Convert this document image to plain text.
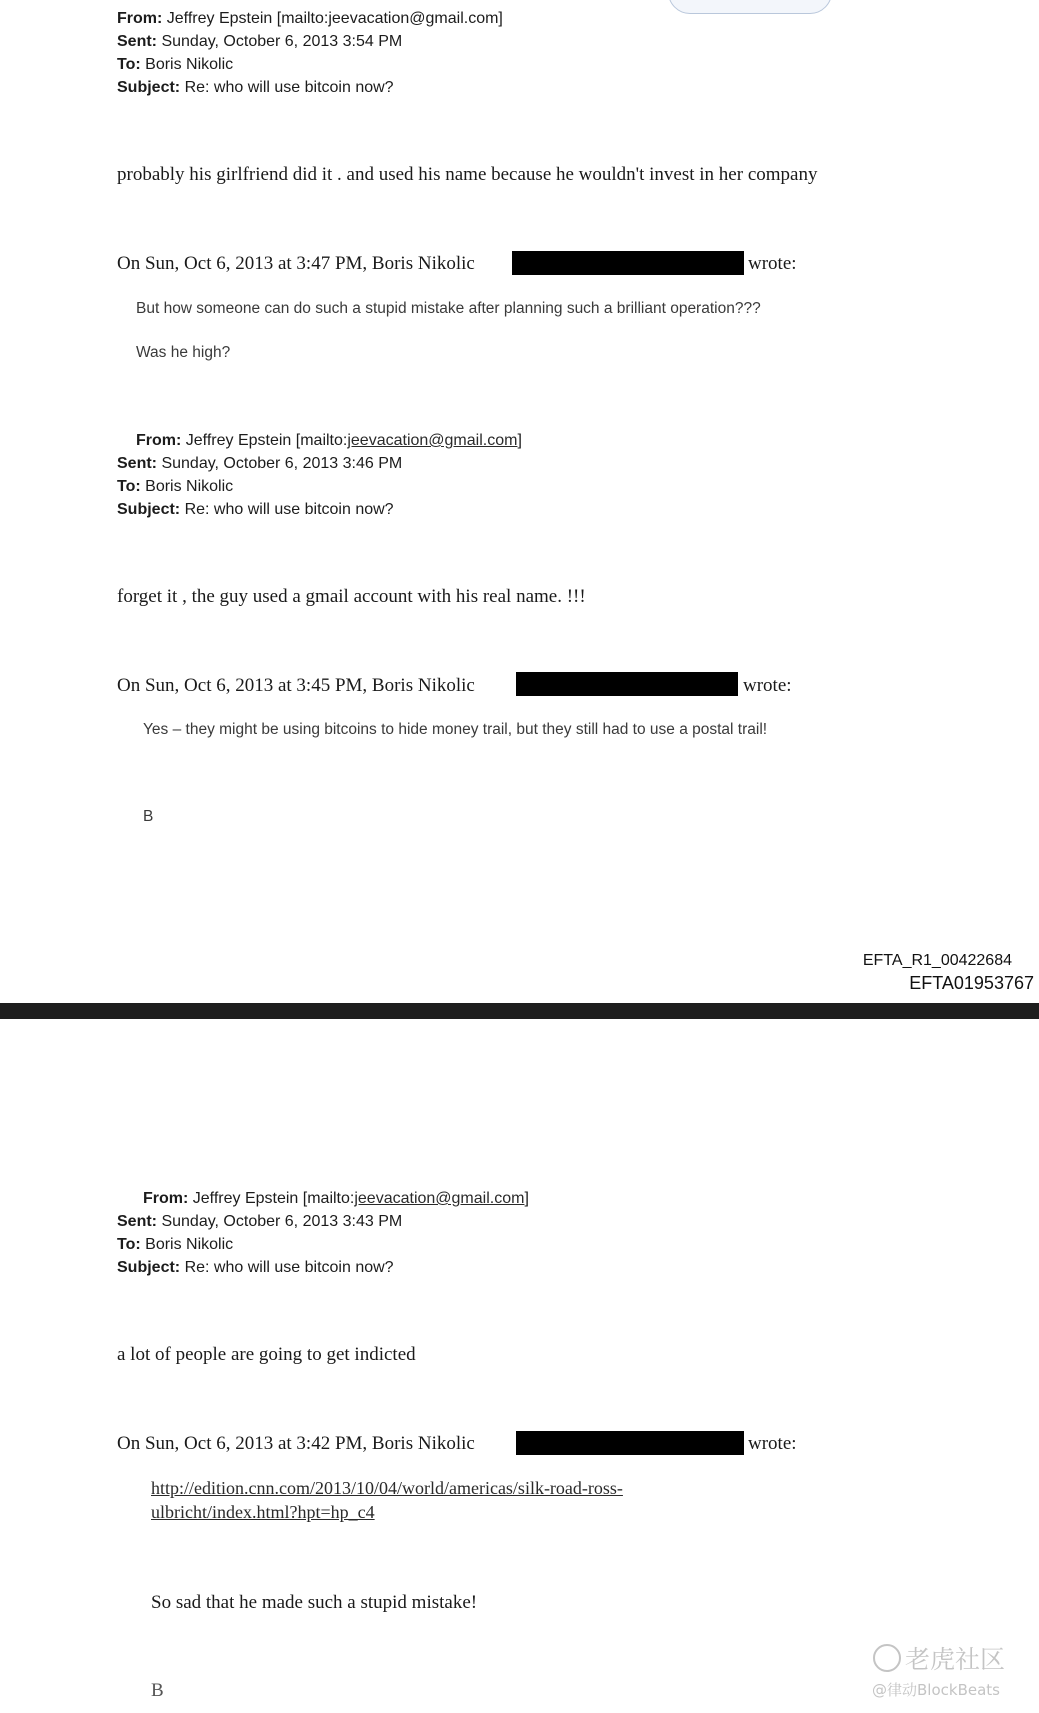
From: Jeffrey Epstein [mailto:jeevacation@gmail.com]
Sent: Sunday, October 6, 2013 3:54 PM
To: Boris Nikolic
Subject: Re: who will use bitcoin now?
probably his girlfriend did it . and used his name because he wouldn't invest in her company
On Sun, Oct 6, 2013 at 3:47 PM, Boris Nikolic	wrote:
But how someone can do such a stupid mistake after planning such a brilliant operation???
Was he high?
From: Jeffrey Epstein [mailto:jeevacation@gmail.com]
Sent: Sunday, October 6, 2013 3:46 PM
To: Boris Nikolic
Subject: Re: who will use bitcoin now?
forget it , the guy used a gmail account with his real name. !!!
On Sun, Oct 6, 2013 at 3:45 PM, Boris Nikolic	wrote:
Yes – they might be using bitcoins to hide money trail, but they still had to use a postal trail!
B
EFTA_R1_00422684
EFTA01953767
From: Jeffrey Epstein [mailto:jeevacation@gmail.com]
Sent: Sunday, October 6, 2013 3:43 PM
To: Boris Nikolic
Subject: Re: who will use bitcoin now?
a lot of people are going to get indicted
On Sun, Oct 6, 2013 at 3:42 PM, Boris Nikolic	wrote:
http://edition.cnn.com/2013/10/04/world/americas/silk-road-ross-
ulbricht/index.html?hpt=hp_c4
So sad that he made such a stupid mistake!
B
老虎社区
@律动BlockBeats
